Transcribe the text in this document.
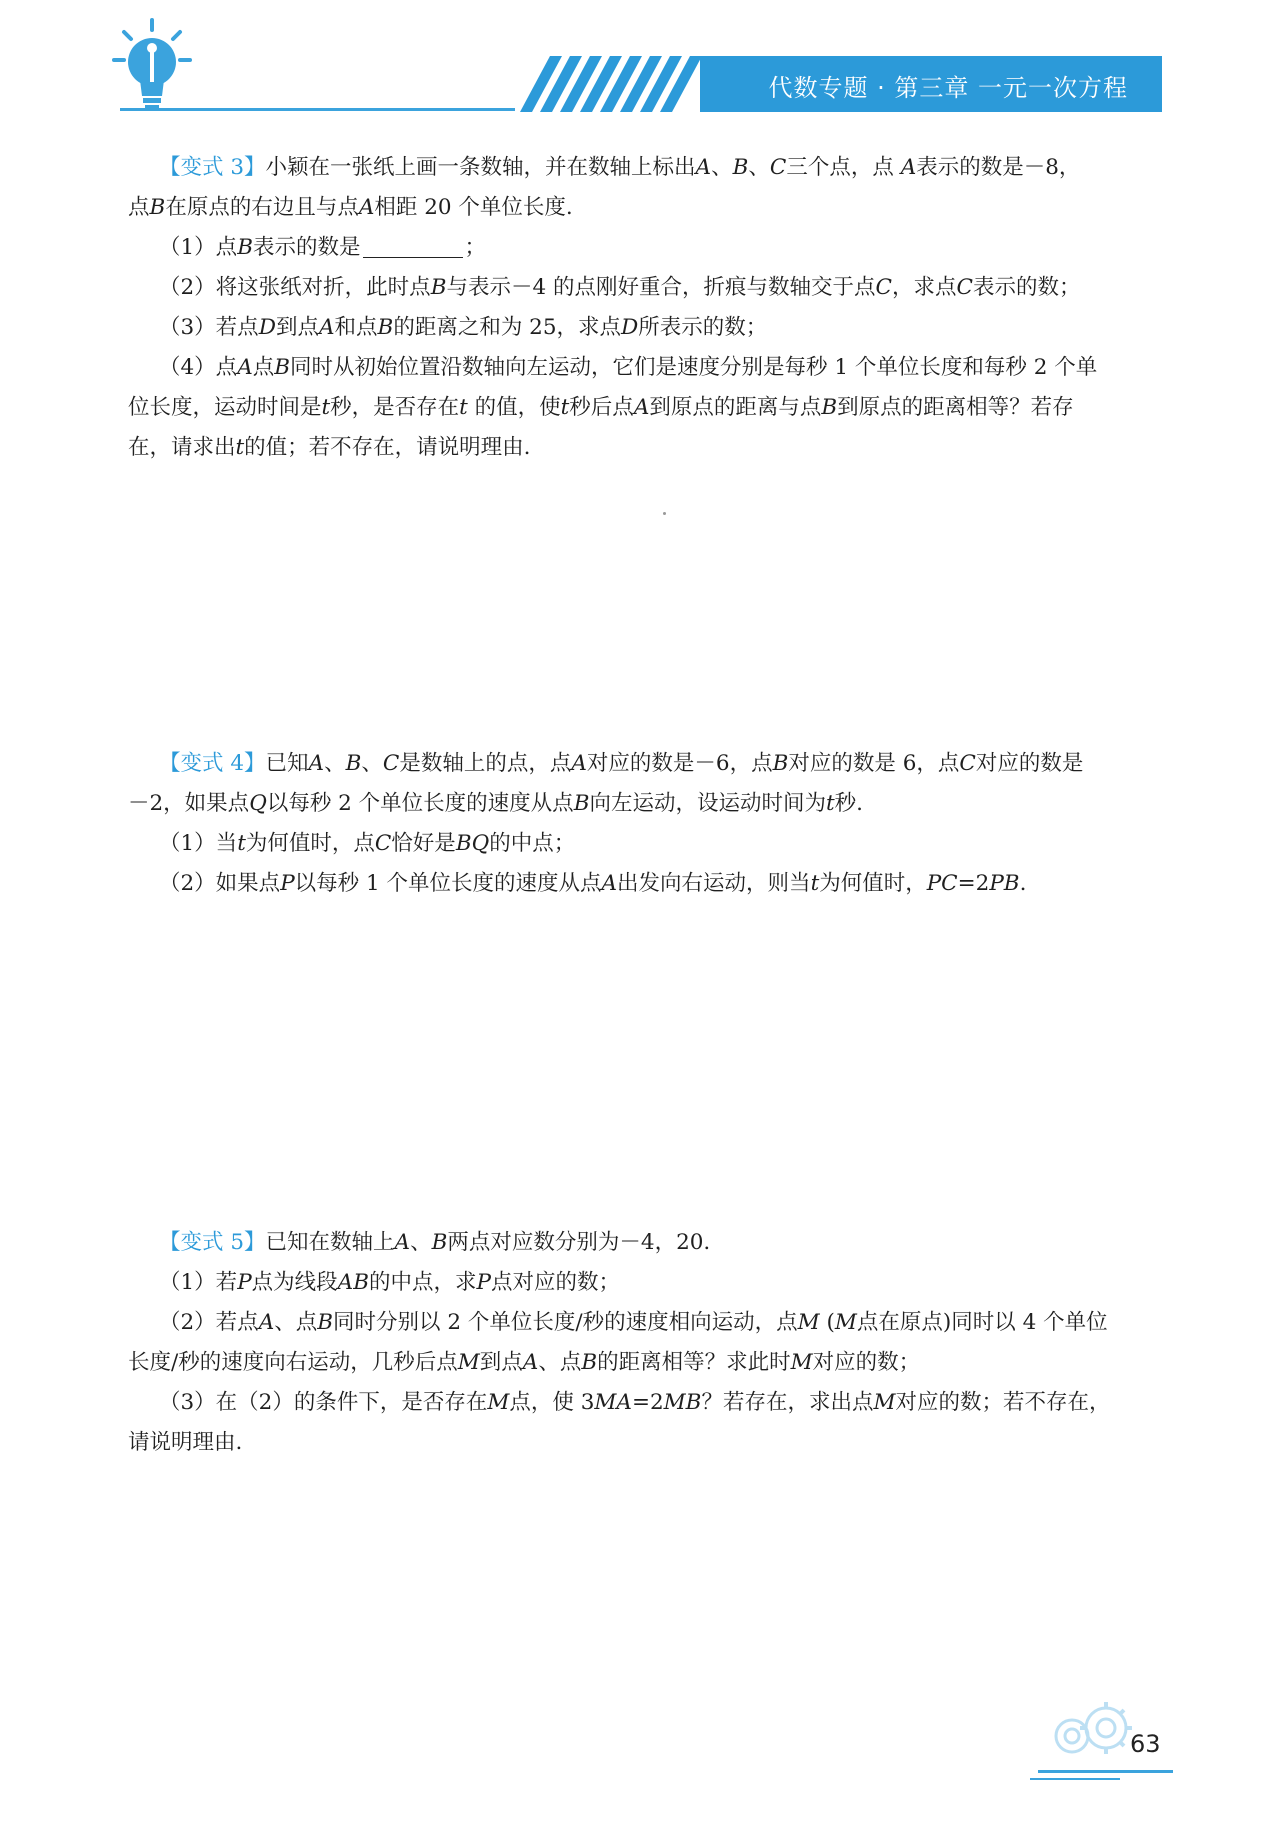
代数专题 · 第三章 一元一次方程
【变式 3】小颖在一张纸上画一条数轴，并在数轴上标出A、B、C三个点，点 A表示的数是－8，
点B在原点的右边且与点A相距 20 个单位长度.
（1）点B表示的数是	；
（2）将这张纸对折，此时点B与表示－4 的点刚好重合，折痕与数轴交于点C，求点C表示的数；
（3）若点D到点A和点B的距离之和为 25，求点D所表示的数；
（4）点A点B同时从初始位置沿数轴向左运动，它们是速度分别是每秒 1 个单位长度和每秒 2 个单
位长度，运动时间是t秒，是否存在t 的值，使t秒后点A到原点的距离与点B到原点的距离相等？若存
在，请求出t的值；若不存在，请说明理由.
【变式 4】已知A、B、C是数轴上的点，点A对应的数是－6，点B对应的数是 6，点C对应的数是
－2，如果点Q以每秒 2 个单位长度的速度从点B向左运动，设运动时间为t秒.
（1）当t为何值时，点C恰好是BQ的中点；
（2）如果点P以每秒 1 个单位长度的速度从点A出发向右运动，则当t为何值时，PC=2PB.
【变式 5】已知在数轴上A、B两点对应数分别为－4，20.
（1）若P点为线段AB的中点，求P点对应的数；
（2）若点A、点B同时分别以 2 个单位长度/秒的速度相向运动，点M (M点在原点)同时以 4 个单位
长度/秒的速度向右运动，几秒后点M到点A、点B的距离相等？求此时M对应的数；
（3）在（2）的条件下，是否存在M点，使 3MA=2MB？若存在，求出点M对应的数；若不存在，
请说明理由.
63
